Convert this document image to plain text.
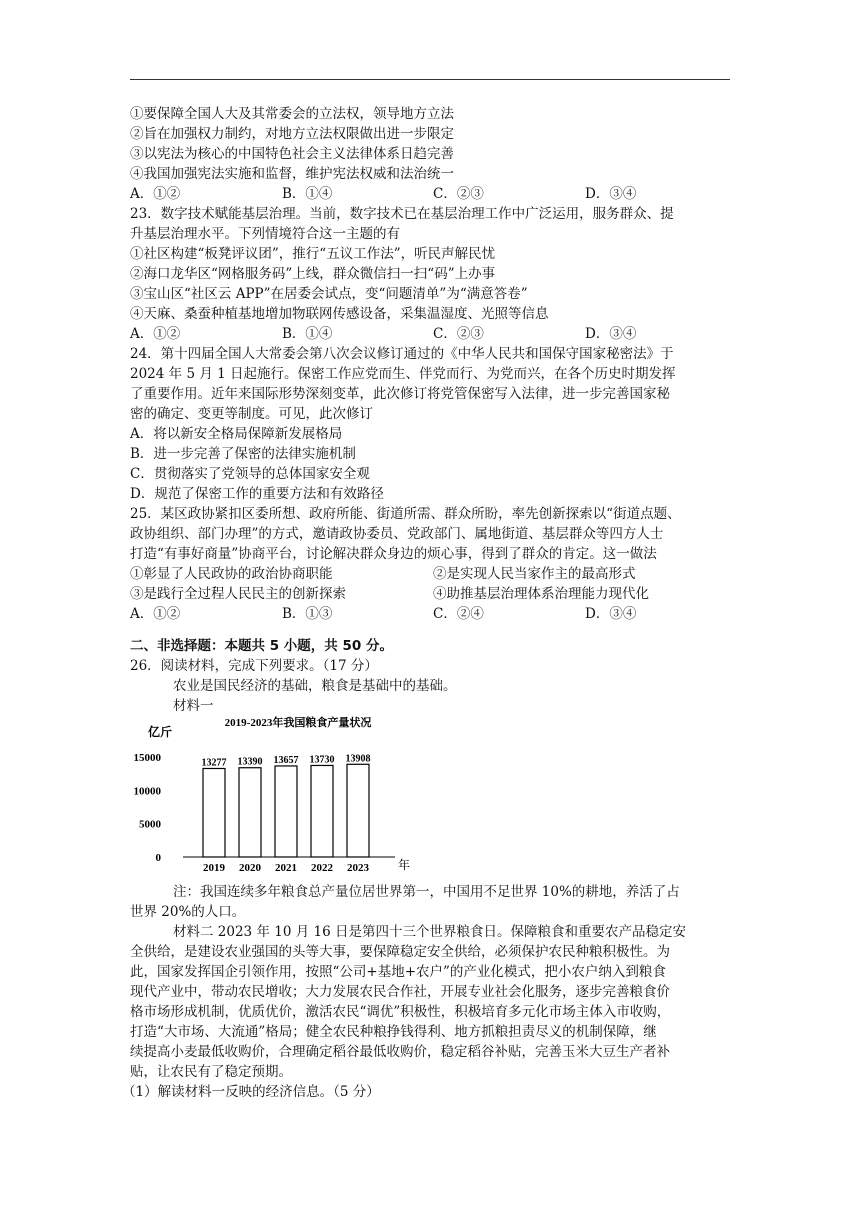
①要保障全国人大及其常委会的立法权，领导地方立法
②旨在加强权力制约，对地方立法权限做出进一步限定
③以宪法为核心的中国特色社会主义法律体系日趋完善
④我国加强宪法实施和监督，维护宪法权威和法治统一
A．①②	B．①④	C．②③	D．③④
23．数字技术赋能基层治理。当前，数字技术已在基层治理工作中广泛运用，服务群众、提
升基层治理水平。下列情境符合这一主题的有
①社区构建“板凳评议团”，推行“五议工作法”，听民声解民忧
②海口龙华区“网格服务码”上线，群众微信扫一扫“码”上办事
③宝山区“社区云 APP”在居委会试点，变“问题清单”为“满意答卷”
④天麻、桑蚕种植基地增加物联网传感设备，采集温湿度、光照等信息
A．①②	B．①④	C．②③	D．③④
24．第十四届全国人大常委会第八次会议修订通过的《中华人民共和国保守国家秘密法》于
2024 年 5 月 1 日起施行。保密工作应党而生、伴党而行、为党而兴，在各个历史时期发挥
了重要作用。近年来国际形势深刻变革，此次修订将党管保密写入法律，进一步完善国家秘
密的确定、变更等制度。可见，此次修订
A．将以新安全格局保障新发展格局
B．进一步完善了保密的法律实施机制
C．贯彻落实了党领导的总体国家安全观
D．规范了保密工作的重要方法和有效路径
25．某区政协紧扣区委所想、政府所能、街道所需、群众所盼，率先创新探索以“街道点题、
政协组织、部门办理”的方式，邀请政协委员、党政部门、属地街道、基层群众等四方人士
打造“有事好商量”协商平台，讨论解决群众身边的烦心事，得到了群众的肯定。这一做法
①彰显了人民政协的政治协商职能	②是实现人民当家作主的最高形式
③是践行全过程人民民主的创新探索	④助推基层治理体系治理能力现代化
A．①②	B．①③	C．②④	D．③④
二、非选择题：本题共 5 小题，共 50 分。
26．阅读材料，完成下列要求。（17 分）
农业是国民经济的基础，粮食是基础中的基础。
材料一
亿斤
2019-2023年我国粮食产量状况
0
5000
10000
15000	13277
2019
13390
2020
13657
2021
13730
2022
13908
2023 年
注：我国连续多年粮食总产量位居世界第一，中国用不足世界 10%的耕地，养活了占
世界 20%的人口。
材料二 2023 年 10 月 16 日是第四十三个世界粮食日。保障粮食和重要农产品稳定安
全供给，是建设农业强国的头等大事，要保障稳定安全供给，必须保护农民种粮积极性。为
此，国家发挥国企引领作用，按照“公司+基地+农户”的产业化模式，把小农户纳入到粮食
现代产业中，带动农民增收；大力发展农民合作社，开展专业社会化服务，逐步完善粮食价
格市场形成机制，优质优价，激活农民“调优”积极性，积极培育多元化市场主体入市收购，
打造“大市场、大流通”格局；健全农民种粮挣钱得利、地方抓粮担责尽义的机制保障，继
续提高小麦最低收购价，合理确定稻谷最低收购价，稳定稻谷补贴，完善玉米大豆生产者补
贴，让农民有了稳定预期。
（1）解读材料一反映的经济信息。（5 分）
